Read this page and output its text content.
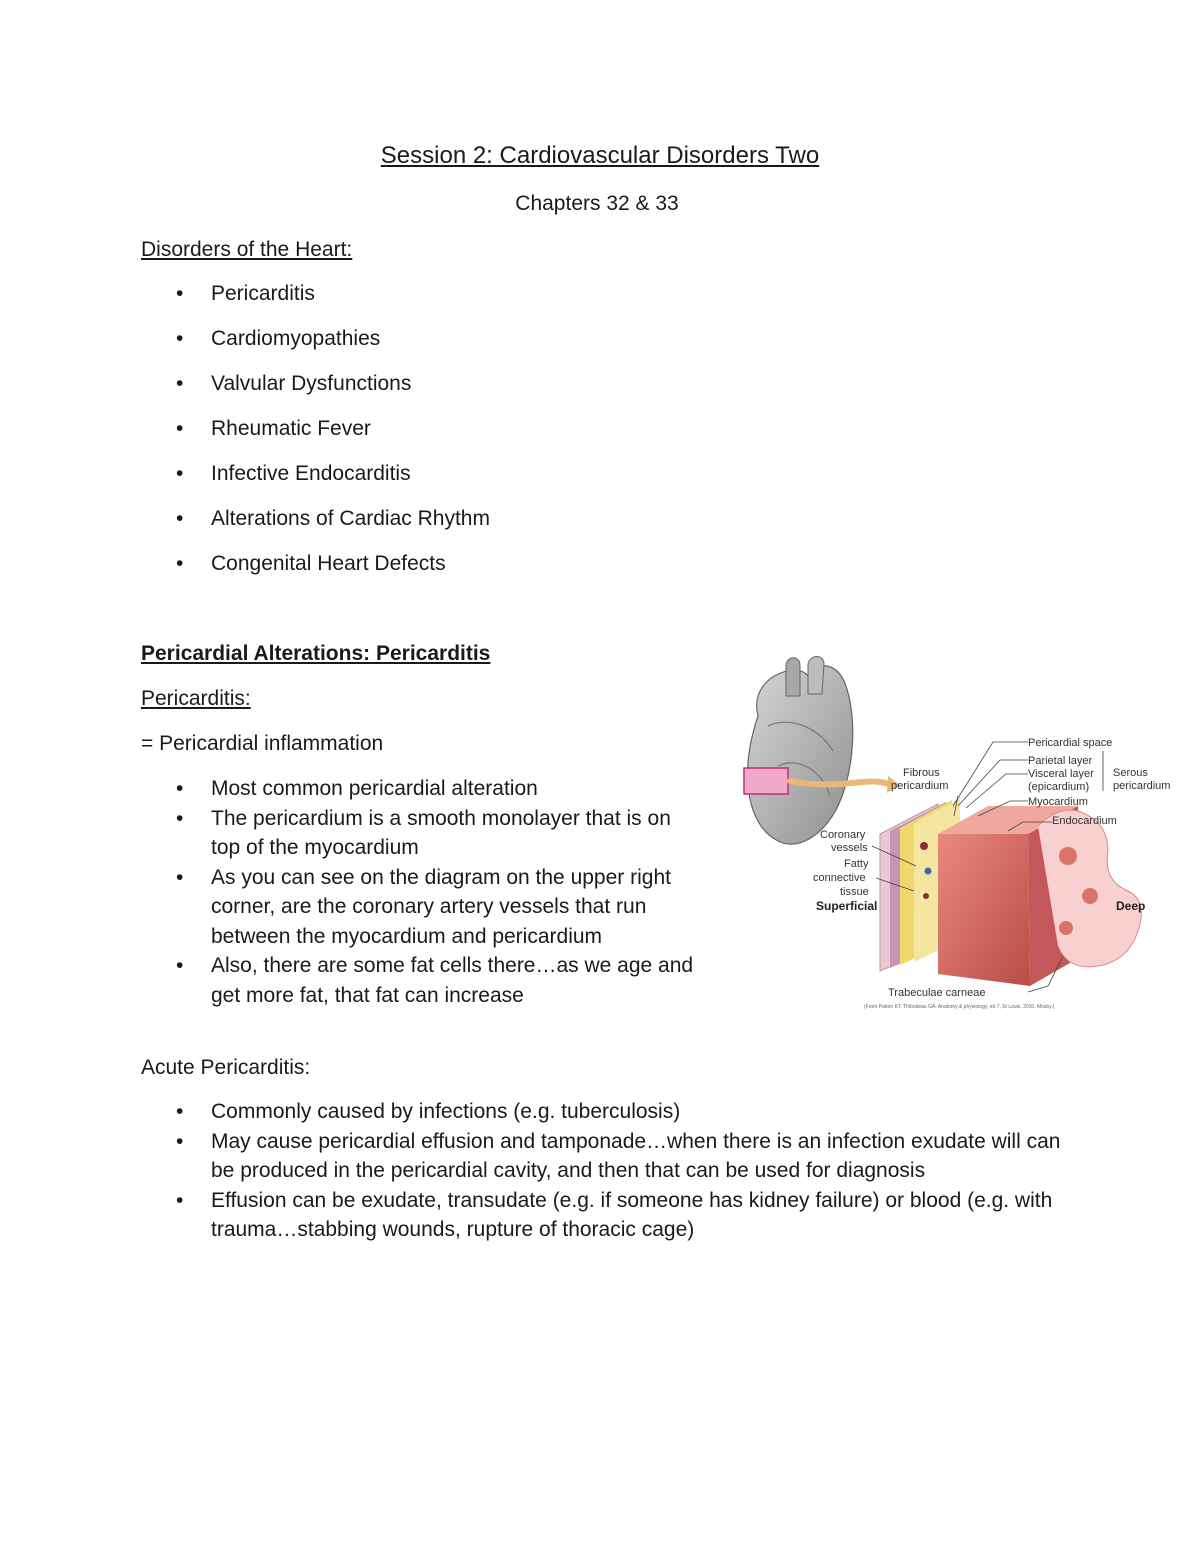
Session 2: Cardiovascular Disorders Two
Chapters 32 & 33
Disorders of the Heart:
• Pericarditis
• Cardiomyopathies
• Valvular Dysfunctions
• Rheumatic Fever
• Infective Endocarditis
• Alterations of Cardiac Rhythm
• Congenital Heart Defects
Pericardial Alterations: Pericarditis
Pericarditis:
= Pericardial inflammation
• Most common pericardial alteration
• The pericardium is a smooth monolayer that is on top of the myocardium
• As you can see on the diagram on the upper right corner, are the coronary artery vessels that run between the myocardium and pericardium
• Also, there are some fat cells there…as we age and get more fat, that fat can increase
Acute Pericarditis:
• Commonly caused by infections (e.g. tuberculosis)
• May cause pericardial effusion and tamponade…when there is an infection exudate will can be produced in the pericardial cavity, and then that can be used for diagnosis
• Effusion can be exudate, transudate (e.g. if someone has kidney failure) or blood (e.g. with trauma…stabbing wounds, rupture of thoracic cage)
Pericardial space
Parietal layer
Visceral layer
(epicardium)
Myocardium
Endocardium
Fibrous
pericardium
Serous
pericardium
Coronary
vessels
Fatty
connective
tissue
Superficial	Deep
Trabeculae carneae
(From Patton KT, Thibodeau GA: Anatomy & physiology, ed 7, St Louis, 2010, Mosby.)
